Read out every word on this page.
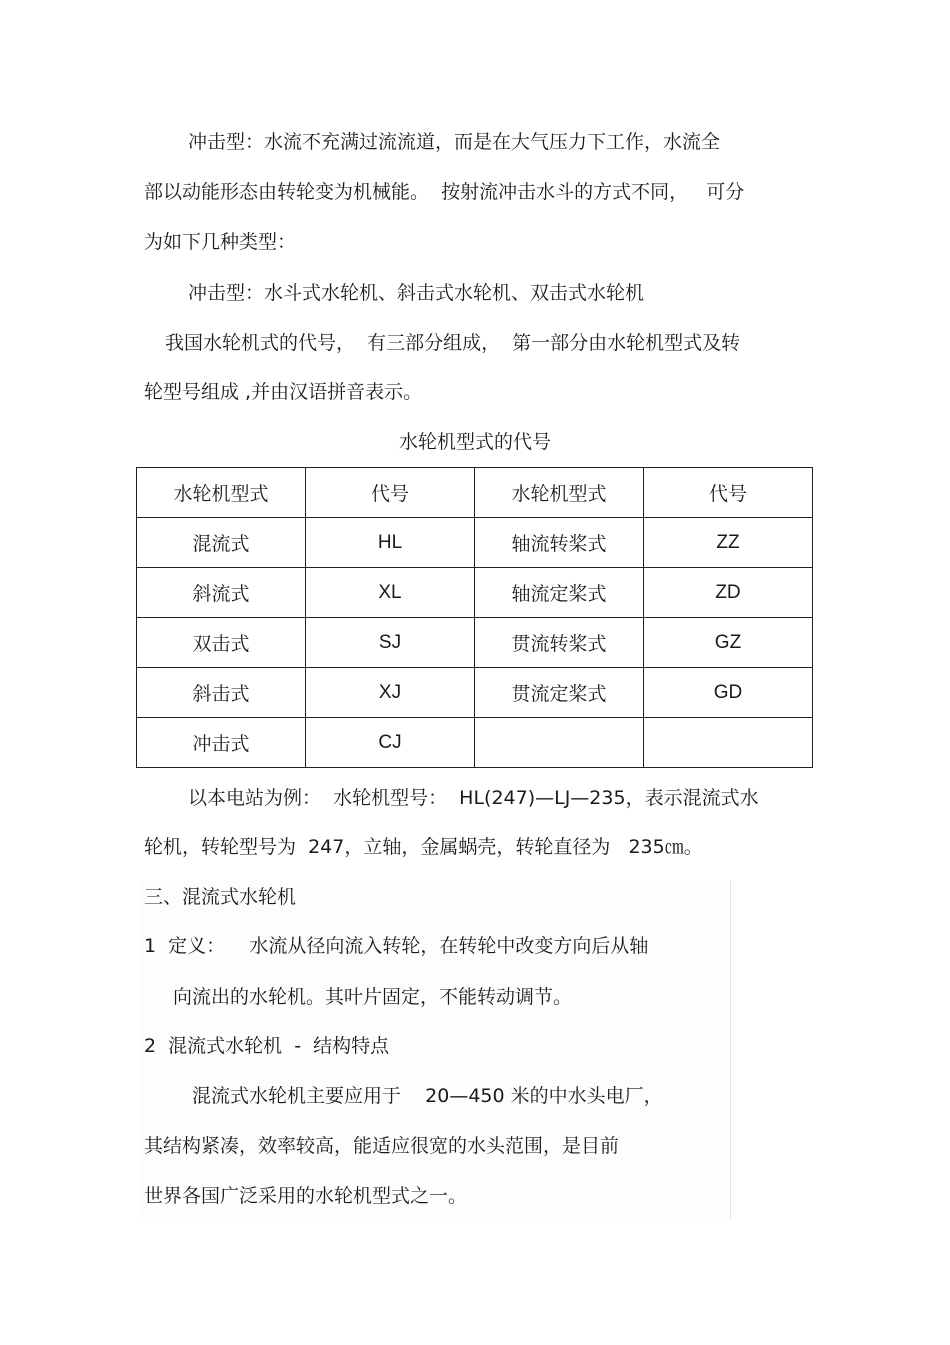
冲击型：水流不充满过流流道，而是在大气压力下工作，水流全
部以动能形态由转轮变为机械能。  按射流冲击水斗的方式不同，   可分
为如下几种类型：
冲击型：水斗式水轮机、斜击式水轮机、双击式水轮机
我国水轮机式的代号，  有三部分组成，  第一部分由水轮机型式及转
轮型号组成 ,并由汉语拼音表示。
水轮机型式的代号
水轮机型式	代号	水轮机型式	代号
混流式	HL	轴流转桨式	ZZ
斜流式	XL	轴流定桨式	ZD
双击式	SJ	贯流转桨式	GZ
斜击式	XJ	贯流定桨式	GD
冲击式	CJ		
以本电站为例：  水轮机型号：  HL(247)—LJ—235，表示混流式水
轮机，转轮型号为  247，立轴，金属蜗壳，转轮直径为   235㎝。
三、混流式水轮机
1  定义：    水流从径向流入转轮，在转轮中改变方向后从轴
向流出的水轮机。其叶片固定，不能转动调节。
2  混流式水轮机  -  结构特点
混流式水轮机主要应用于    20—450 米的中水头电厂，
其结构紧凑，效率较高，能适应很宽的水头范围，是目前
世界各国广泛采用的水轮机型式之一。
